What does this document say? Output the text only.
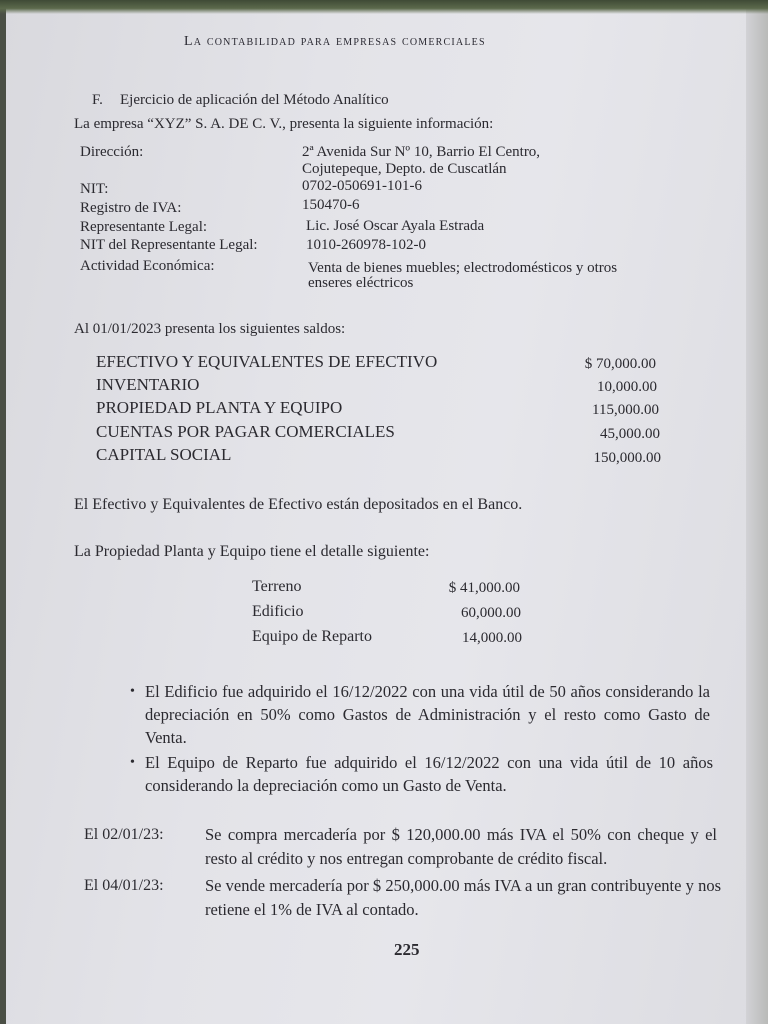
La contabilidad para empresas comerciales
F. Ejercicio de aplicación del Método Analítico
La empresa “XYZ” S. A. DE C. V., presenta la siguiente información:
Dirección:	2ª Avenida Sur Nº 10, Barrio El Centro,
Cojutepeque, Depto. de Cuscatlán
NIT:	0702-050691-101-6
Registro de IVA:	150470-6
Representante Legal:	Lic. José Oscar Ayala Estrada
NIT del Representante Legal:	1010-260978-102-0
Actividad Económica:	Venta de bienes muebles; electrodomésticos y otros
enseres eléctricos
Al 01/01/2023 presenta los siguientes saldos:
EFECTIVO Y EQUIVALENTES DE EFECTIVO	$ 70,000.00
INVENTARIO	10,000.00
PROPIEDAD PLANTA Y EQUIPO	115,000.00
CUENTAS POR PAGAR COMERCIALES	45,000.00
CAPITAL SOCIAL	150,000.00
El Efectivo y Equivalentes de Efectivo están depositados en el Banco.
La Propiedad Planta y Equipo tiene el detalle siguiente:
Terreno	$ 41,000.00
Edificio	60,000.00
Equipo de Reparto	14,000.00
• El Edificio fue adquirido el 16/12/2022 con una vida útil de 50 años considerando la depreciación en 50% como Gastos de Administración y el resto como Gasto de Venta.
• El Equipo de Reparto fue adquirido el 16/12/2022 con una vida útil de 10 años considerando la depreciación como un Gasto de Venta.
El 02/01/23:	Se compra mercadería por $ 120,000.00 más IVA el 50% con cheque y el resto al crédito y nos entregan comprobante de crédito fiscal.
El 04/01/23:	Se vende mercadería por $ 250,000.00 más IVA a un gran contribuyente y nos retiene el 1% de IVA al contado.
225
